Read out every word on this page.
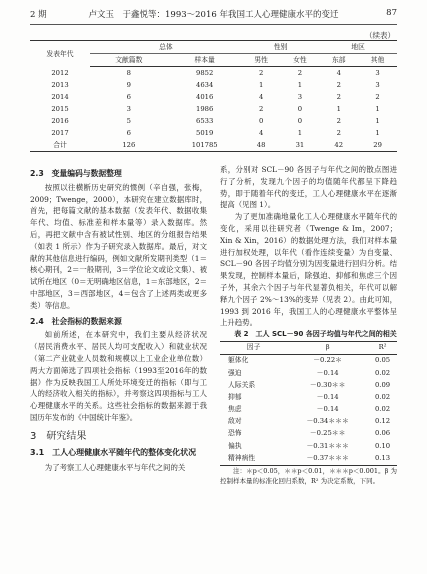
2 期	卢文玉　于鑫悦等：1993～2016 年我国工人心理健康水平的变迁	87
（续表）
发表年代	总体		性别		地区	
	文献篇数	样本量	男性	女性	东部	其他
2012	8	9852	2	2	4	3
2013	9	4634	1	1	2	3
2014	6	4016	4	3	2	2
2015	3	1986	2	0	1	1
2016	5	6533	0	0	2	1
2017	6	5019	4	1	2	1
合计	126	101785	48	31	42	29

2.3　变量编码与数据整理

按照以往横断历史研究的惯例（辛自强，张梅，2009；Twenge，2000），本研究在建立数据库时，首先，把每篇文献的基本数据（发表年代、数据收集年代、均值、标准差和样本量等）录入数据库。然后，再把文献中含有被试性别、地区的分组报告结果（如表 1 所示）作为子研究录入数据库。最后，对文献的其他信息进行编码，例如文献所发期刊类型（1＝核心期刊，2＝一般期刊，3＝学位论文或论文集）、被试所在地区（0＝无明确地区信息，1＝东部地区，2＝中部地区，3＝西部地区，4＝包含了上述两类或更多类）等信息。

2.4　社会指标的数据来源

如前所述，在本研究中，我们主要从经济状况（居民消费水平、居民人均可支配收入）和就业状况（第二产业就业人员数和规模以上工业企业单位数）两大方面筛选了四项社会指标（1993至2016年的数据）作为反映我国工人所处环境变迁的指标（即与工人的经济收入相关的指标），并考察这四项指标与工人心理健康水平的关系。这些社会指标的数据来源于我国历年发布的《中国统计年鉴》。

3　研究结果

3.1　工人心理健康水平随年代的整体变化状况

为了考察工人心理健康水平与年代之间的关

系，分别对 SCL－90 各因子与年代之间的散点图进行了分析，发现九个因子的均值随年代都呈下降趋势，即于随着年代的变迁，工人心理健康水平在逐渐提高（见图 1）。

为了更加准确地量化工人心理健康水平随年代的变化，采用以往研究者（Twenge & Im，2007；Xin & Xin，2016）的数据处理方法，我们对样本量进行加权处理，以年代（看作连续变量）为自变量、SCL－90 各因子均值分别为因变量进行回归分析。结果发现，控制样本量后，除强迫、抑郁和焦虑三个因子外，其余六个因子与年代显著负相关，年代可以解释九个因子 2%～13%的变异（见表 2）。由此可知，1993 到 2016 年，我国工人的心理健康水平整体呈上升趋势。

表 2　工人 SCL－90 各因子均值与年代之间的相关

因子	β	R²
躯体化	－0.22＊	0.05
强迫	－0.14	0.02
人际关系	－0.30＊＊	0.09
抑郁	－0.14	0.02
焦虑	－0.14	0.02
敌对	－0.34＊＊＊	0.12
恐怖	－0.25＊＊	0.06
偏执	－0.31＊＊＊	0.10
精神病性	－0.37＊＊＊	0.13

注：＊p＜0.05，＊＊p＜0.01，＊＊＊p＜0.001。β 为控制样本量的标准化回归系数，R² 为决定系数，下同。
